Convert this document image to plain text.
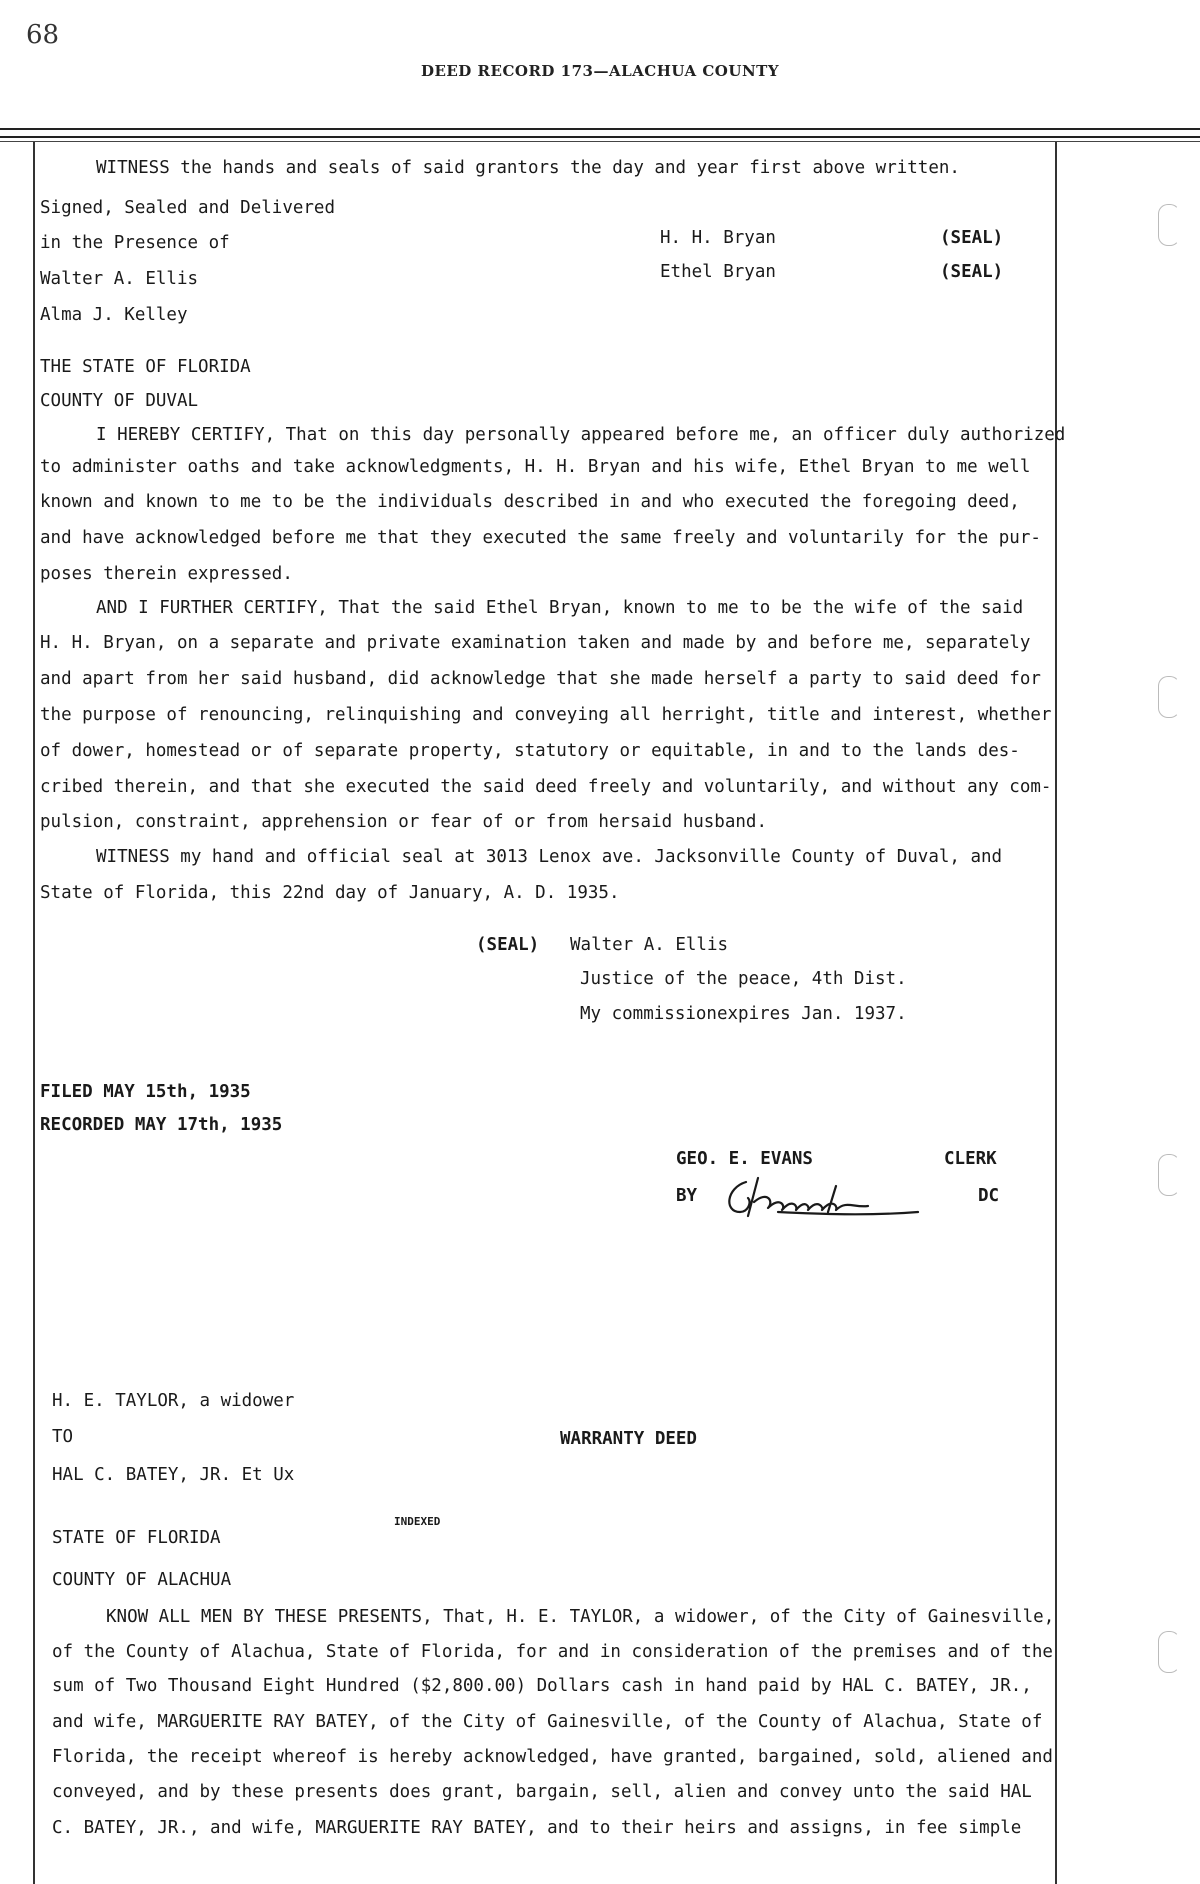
68
DEED RECORD 173—ALACHUA COUNTY
WITNESS the hands and seals of said grantors the day and year first above written.
Signed, Sealed and Delivered
H. H. Bryan	(SEAL)
in the Presence of
Ethel Bryan	(SEAL)
Walter A. Ellis
Alma J. Kelley
THE STATE OF FLORIDA
COUNTY OF DUVAL
I HEREBY CERTIFY, That on this day personally appeared before me, an officer duly authorized
to administer oaths and take acknowledgments, H. H. Bryan and his wife, Ethel Bryan to me well
known and known to me to be the individuals described in and who executed the foregoing deed,
and have acknowledged before me that they executed the same freely and voluntarily for the pur-
poses therein expressed.
AND I FURTHER CERTIFY, That the said Ethel Bryan, known to me to be the wife of the said
H. H. Bryan, on a separate and private examination taken and made by and before me, separately
and apart from her said husband, did acknowledge that she made herself a party to said deed for
the purpose of renouncing, relinquishing and conveying all herright, title and interest, whether
of dower, homestead or of separate property, statutory or equitable, in and to the lands des-
cribed therein, and that she executed the said deed freely and voluntarily, and without any com-
pulsion, constraint, apprehension or fear of or from hersaid husband.
WITNESS my hand and official seal at 3013 Lenox ave. Jacksonville County of Duval, and
State of Florida, this 22nd day of January, A. D. 1935.
(SEAL) Walter A. Ellis
Justice of the peace, 4th Dist.
My commissionexpires Jan. 1937.
FILED MAY 15th, 1935
RECORDED MAY 17th, 1935
GEO. E. EVANS	CLERK
BY	DC
H. E. TAYLOR, a widower
TO	WARRANTY DEED
HAL C. BATEY, JR. Et Ux
INDEXED
STATE OF FLORIDA
COUNTY OF ALACHUA
KNOW ALL MEN BY THESE PRESENTS, That, H. E. TAYLOR, a widower, of the City of Gainesville,
of the County of Alachua, State of Florida, for and in consideration of the premises and of the
sum of Two Thousand Eight Hundred ($2,800.00) Dollars cash in hand paid by HAL C. BATEY, JR.,
and wife, MARGUERITE RAY BATEY, of the City of Gainesville, of the County of Alachua, State of
Florida, the receipt whereof is hereby acknowledged, have granted, bargained, sold, aliened and
conveyed, and by these presents does grant, bargain, sell, alien and convey unto the said HAL
C. BATEY, JR., and wife, MARGUERITE RAY BATEY, and to their heirs and assigns, in fee simple
